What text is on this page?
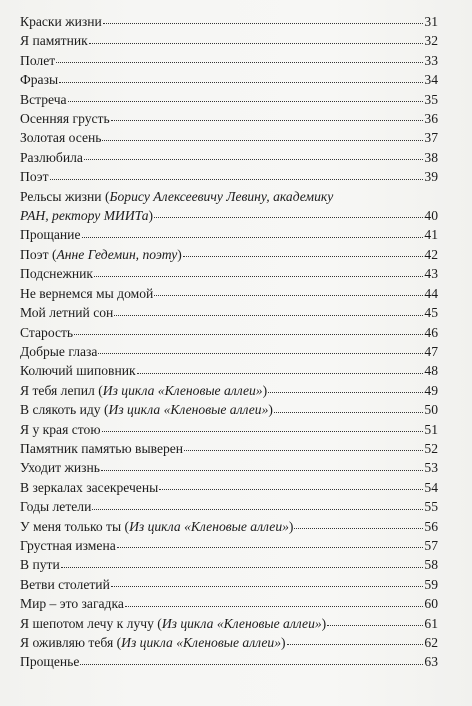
Краски жизни	31
Я памятник	32
Полет	33
Фразы	34
Встреча	35
Осенняя грусть	36
Золотая осень	37
Разлюбила	38
Поэт	39
Рельсы жизни (Борису Алексеевичу Левину, академику
РАН, ректору МИИТа)	40
Прощание	41
Поэт (Анне Гедемин, поэту)	42
Подснежник	43
Не вернемся мы домой	44
Мой летний сон	45
Старость	46
Добрые глаза	47
Колючий шиповник	48
Я тебя лепил (Из цикла «Кленовые аллеи»)	49
В слякоть иду (Из цикла «Кленовые аллеи»)	50
Я у края стою	51
Памятник памятью выверен	52
Уходит жизнь	53
В зеркалах засекречены	54
Годы летели	55
У меня только ты (Из цикла «Кленовые аллеи»)	56
Грустная измена	57
В пути	58
Ветви столетий	59
Мир – это загадка	60
Я шепотом лечу к лучу (Из цикла «Кленовые аллеи»)	61
Я оживляю тебя (Из цикла «Кленовые аллеи»)	62
Прощенье	63
